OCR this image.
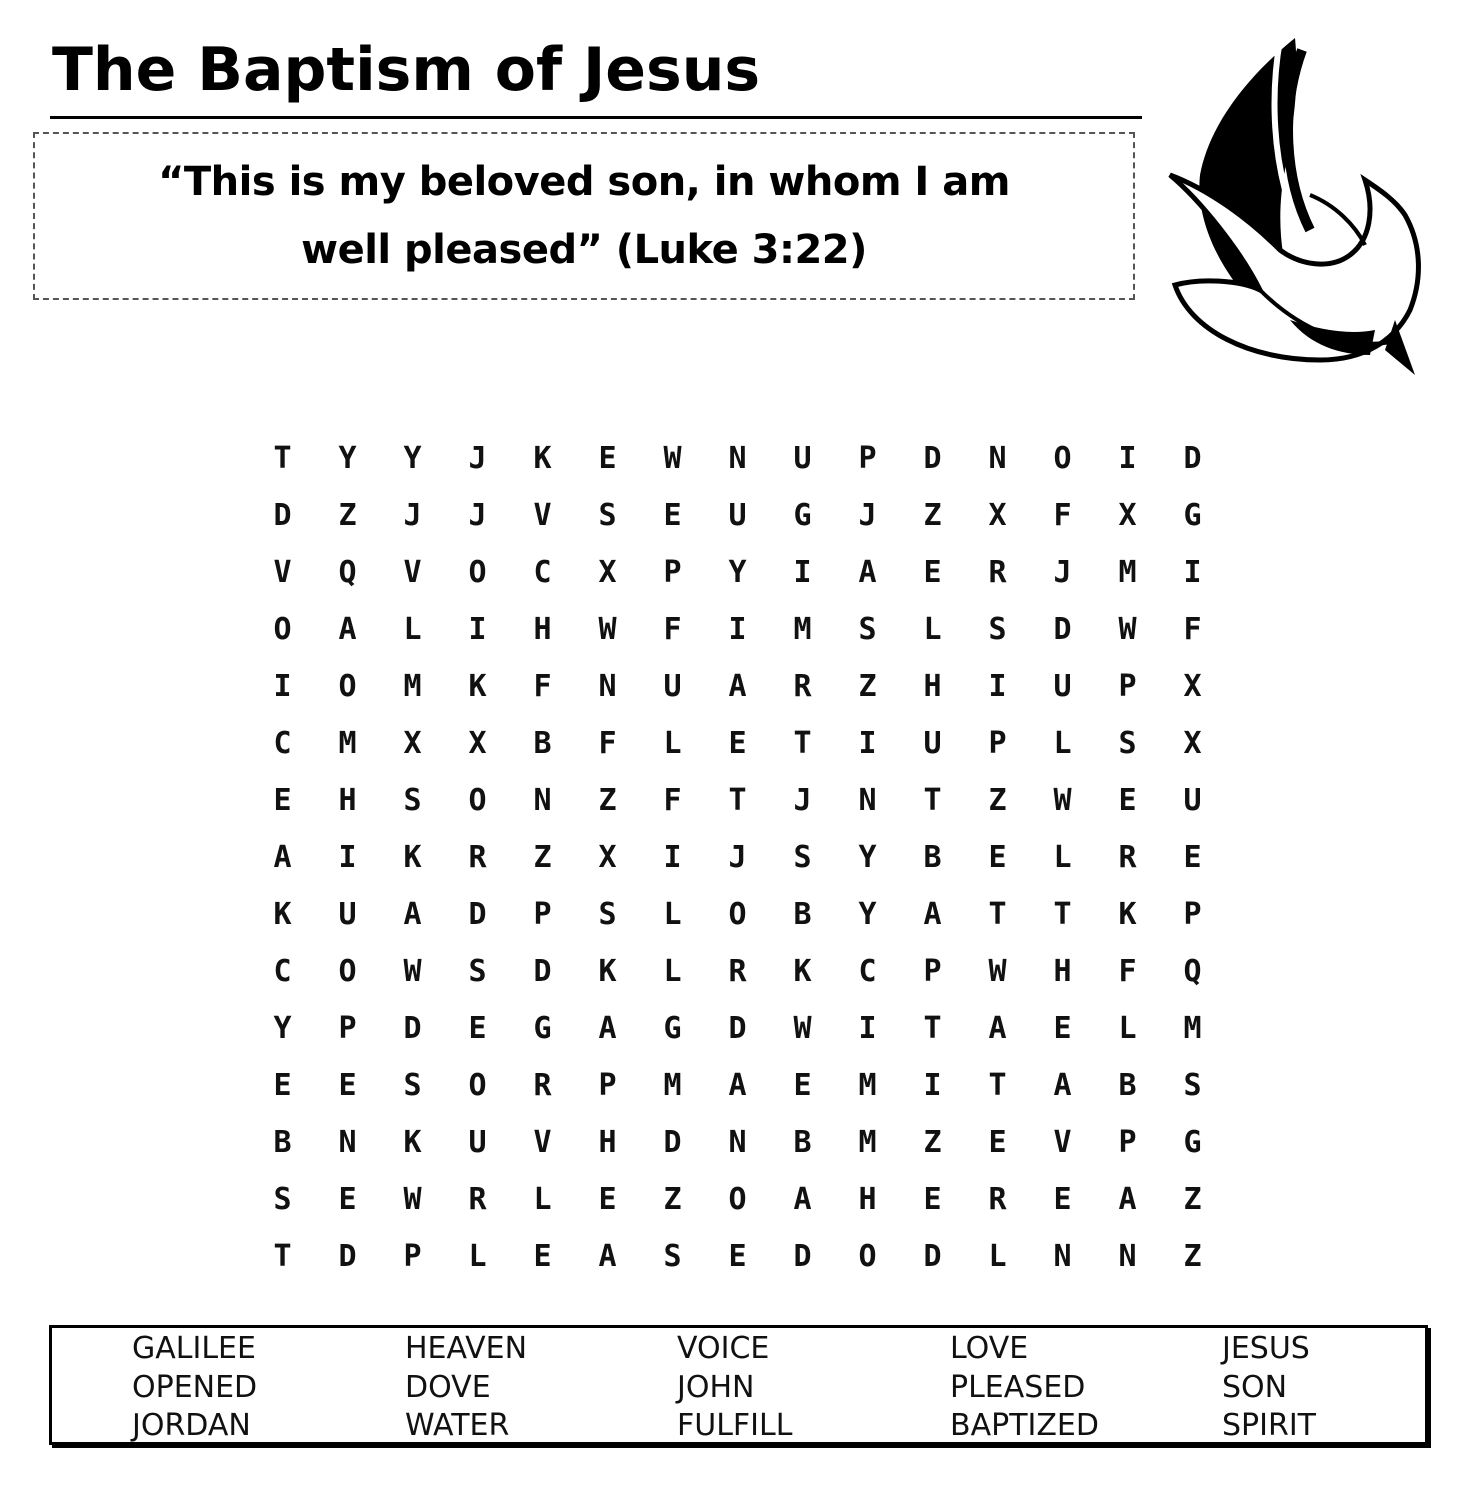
The Baptism of Jesus
“This is my beloved son, in whom I am well pleased” (Luke 3:22)
T	Y	Y	J	K	E	W	N	U	P	D	N	O	I	D
D	Z	J	J	V	S	E	U	G	J	Z	X	F	X	G
V	Q	V	O	C	X	P	Y	I	A	E	R	J	M	I
O	A	L	I	H	W	F	I	M	S	L	S	D	W	F
I	O	M	K	F	N	U	A	R	Z	H	I	U	P	X
C	M	X	X	B	F	L	E	T	I	U	P	L	S	X
E	H	S	O	N	Z	F	T	J	N	T	Z	W	E	U
A	I	K	R	Z	X	I	J	S	Y	B	E	L	R	E
K	U	A	D	P	S	L	O	B	Y	A	T	T	K	P
C	O	W	S	D	K	L	R	K	C	P	W	H	F	Q
Y	P	D	E	G	A	G	D	W	I	T	A	E	L	M
E	E	S	O	R	P	M	A	E	M	I	T	A	B	S
B	N	K	U	V	H	D	N	B	M	Z	E	V	P	G
S	E	W	R	L	E	Z	O	A	H	E	R	E	A	Z
T	D	P	L	E	A	S	E	D	O	D	L	N	N	Z
GALILEE
OPENED
JORDAN
HEAVEN
DOVE
WATER
VOICE
JOHN
FULFILL
LOVE
PLEASED
BAPTIZED
JESUS
SON
SPIRIT
